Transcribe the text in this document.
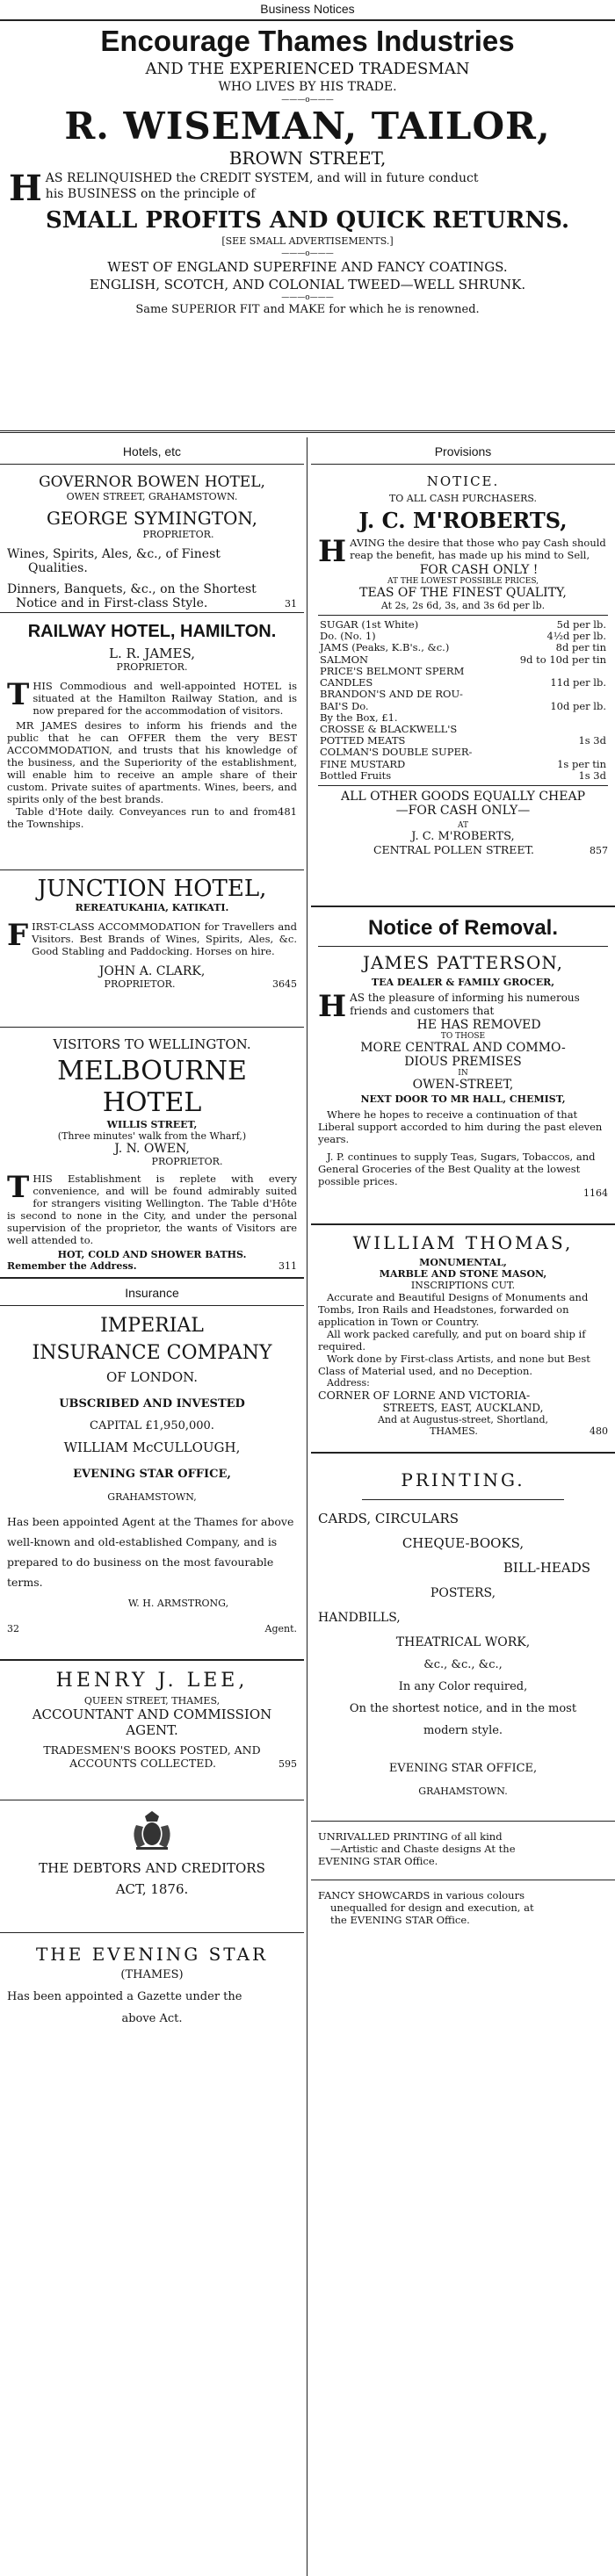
Business Notices
Encourage Thames Industries
AND THE EXPERIENCED TRADESMAN
WHO LIVES BY HIS TRADE.
———o———
R. WISEMAN, TAILOR,
BROWN STREET,
H AS RELINQUISHED the CREDIT SYSTEM, and will in future conduct
his BUSINESS on the principle of
SMALL PROFITS AND QUICK RETURNS.
[SEE SMALL ADVERTISEMENTS.]
———o———
WEST OF ENGLAND SUPERFINE AND FANCY COATINGS.
ENGLISH, SCOTCH, AND COLONIAL TWEED—WELL SHRUNK.
———o———
Same SUPERIOR FIT and MAKE for which he is renowned.
Hotels, etc
GOVERNOR BOWEN HOTEL,
OWEN STREET, GRAHAMSTOWN.
GEORGE SYMINGTON,
PROPRIETOR.
Wines, Spirits, Ales, &c., of Finest
Qualities.
Dinners, Banquets, &c., on the Shortest
Notice and in First-class Style.	31
RAILWAY HOTEL, HAMILTON.
L. R. JAMES,
PROPRIETOR.
THIS Commodious and well-appointed HOTEL is situated at the Hamilton Railway Station, and is now prepared for the accommodation of visitors.

MR JAMES desires to inform his friends and the public that he can OFFER them the very BEST ACCOMMODATION, and trusts that his knowledge of the business, and the Superiority of the establishment, will enable him to receive an ample share of their custom. Private suites of apartments. Wines, beers, and spirits only of the best brands.

Table d'Hote daily. Conveyances run to and from the Townships.
481
JUNCTION HOTEL,
REREATUKAHIA, KATIKATI.
FIRST-CLASS ACCOMMODATION for Travellers and Visitors. Best Brands of Wines, Spirits, Ales, &c. Good Stabling and Paddocking. Horses on hire.
JOHN A. CLARK,
PROPRIETOR.	3645
VISITORS TO WELLINGTON.
MELBOURNE HOTEL
WILLIS STREET,
(Three minutes' walk from the Wharf,)
J. N. OWEN,
PROPRIETOR.
THIS Establishment is replete with every convenience, and will be found admirably suited for strangers visiting Wellington. The Table d'Hôte is second to none in the City, and under the personal supervision of the proprietor, the wants of Visitors are well attended to.
HOT, COLD AND SHOWER BATHS.
Remember the Address.	311
Insurance
IMPERIAL
INSURANCE COMPANY
OF LONDON.
UBSCRIBED AND INVESTED
CAPITAL £1,950,000.
WILLIAM McCULLOUGH,
EVENING STAR OFFICE,
GRAHAMSTOWN,

Has been appointed Agent at the Thames for above well-known and old-established Company, and is prepared to do business on the most favourable terms.

W. H. ARMSTRONG,
32	Agent.
HENRY J. LEE,
QUEEN STREET, THAMES,
ACCOUNTANT AND COMMISSION
AGENT.
TRADESMEN'S BOOKS POSTED, AND
ACCOUNTS COLLECTED.	595
THE DEBTORS AND CREDITORS
ACT, 1876.
THE EVENING STAR
(THAMES)
Has been appointed a Gazette under the
above Act.
Provisions
NOTICE.
TO ALL CASH PURCHASERS.
J. C. M'ROBERTS,
HAVING the desire that those who pay Cash should reap the benefit, has made up his mind to Sell,
FOR CASH ONLY !
AT THE LOWEST POSSIBLE PRICES,
TEAS OF THE FINEST QUALITY,
At 2s, 2s 6d, 3s, and 3s 6d per lb.
SUGAR (1st White)	5d per lb.
Do. (No. 1)	4½d per lb.
JAMS (Peaks, K.B's., &c.)	8d per tin
SALMON	9d to 10d per tin
PRICE'S BELMONT SPERM	
CANDLES	11d per lb.
BRANDON'S AND DE ROU-	
BAI'S Do.	10d per lb.
By the Box, £1.	
CROSSE & BLACKWELL'S	
POTTED MEATS	1s 3d
COLMAN'S DOUBLE SUPER-	
FINE MUSTARD	1s per tin
Bottled Fruits	1s 3d
ALL OTHER GOODS EQUALLY CHEAP
—FOR CASH ONLY—
AT
J. C. M'ROBERTS,
CENTRAL POLLEN STREET.	857
Notice of Removal.
JAMES PATTERSON,
TEA DEALER & FAMILY GROCER,
HAS the pleasure of informing his numerous friends and customers that
HE HAS REMOVED
TO THOSE
MORE CENTRAL AND COMMO-
DIOUS PREMISES
IN
OWEN-STREET,
NEXT DOOR TO MR HALL, CHEMIST,

Where he hopes to receive a continuation of that Liberal support accorded to him during the past eleven years.

J. P. continues to supply Teas, Sugars, Tobaccos, and General Groceries of the Best Quality at the lowest possible prices.

1164
WILLIAM THOMAS,
MONUMENTAL,
MARBLE AND STONE MASON,
INSCRIPTIONS CUT.

Accurate and Beautiful Designs of Monuments and Tombs, Iron Rails and Headstones, forwarded on application in Town or Country.

All work packed carefully, and put on board ship if required.

Work done by First-class Artists, and none but Best Class of Material used, and no Deception.

Address:
CORNER OF LORNE AND VICTORIA-
STREETS, EAST, AUCKLAND,
And at Augustus-street, Shortland,
THAMES.	480
PRINTING.
CARDS, CIRCULARS
CHEQUE-BOOKS,
BILL-HEADS
POSTERS,
HANDBILLS,
THEATRICAL WORK,
&c., &c., &c.,
In any Color required,
On the shortest notice, and in the most
modern style.
EVENING STAR OFFICE,
GRAHAMSTOWN.
UNRIVALLED PRINTING of all kind
—Artistic and Chaste designs At the
EVENING STAR Office.
FANCY SHOWCARDS in various colours
unequalled for design and execution, at
the EVENING STAR Office.
